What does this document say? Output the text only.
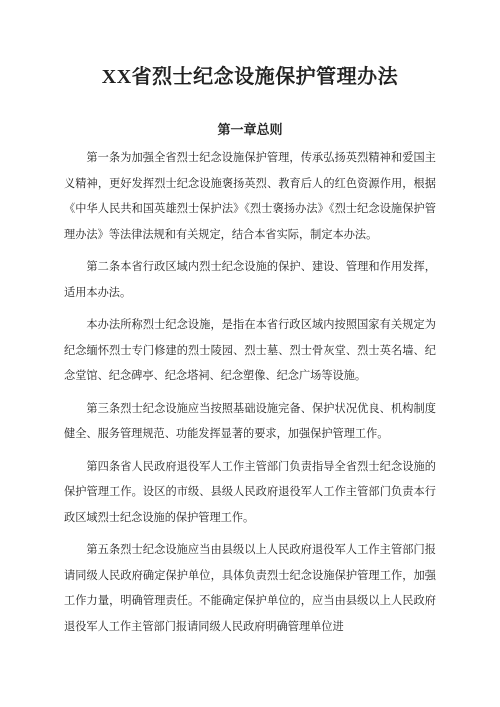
XX省烈士纪念设施保护管理办法
第一章总则

第一条为加强全省烈士纪念设施保护管理，传承弘扬英烈精神和爱国主义精神，更好发挥烈士纪念设施褒扬英烈、教育后人的红色资源作用，根据《中华人民共和国英雄烈士保护法》《烈士褒扬办法》《烈士纪念设施保护管理办法》等法律法规和有关规定，结合本省实际，制定本办法。

第二条本省行政区域内烈士纪念设施的保护、建设、管理和作用发挥，适用本办法。

本办法所称烈士纪念设施，是指在本省行政区域内按照国家有关规定为纪念缅怀烈士专门修建的烈士陵园、烈士墓、烈士骨灰堂、烈士英名墙、纪念堂馆、纪念碑亭、纪念塔祠、纪念塑像、纪念广场等设施。

第三条烈士纪念设施应当按照基础设施完备、保护状况优良、机构制度健全、服务管理规范、功能发挥显著的要求，加强保护管理工作。

第四条省人民政府退役军人工作主管部门负责指导全省烈士纪念设施的保护管理工作。设区的市级、县级人民政府退役军人工作主管部门负责本行政区域烈士纪念设施的保护管理工作。

第五条烈士纪念设施应当由县级以上人民政府退役军人工作主管部门报请同级人民政府确定保护单位，具体负责烈士纪念设施保护管理工作，加强工作力量，明确管理责任。不能确定保护单位的，应当由县级以上人民政府退役军人工作主管部门报请同级人民政府明确管理单位进
